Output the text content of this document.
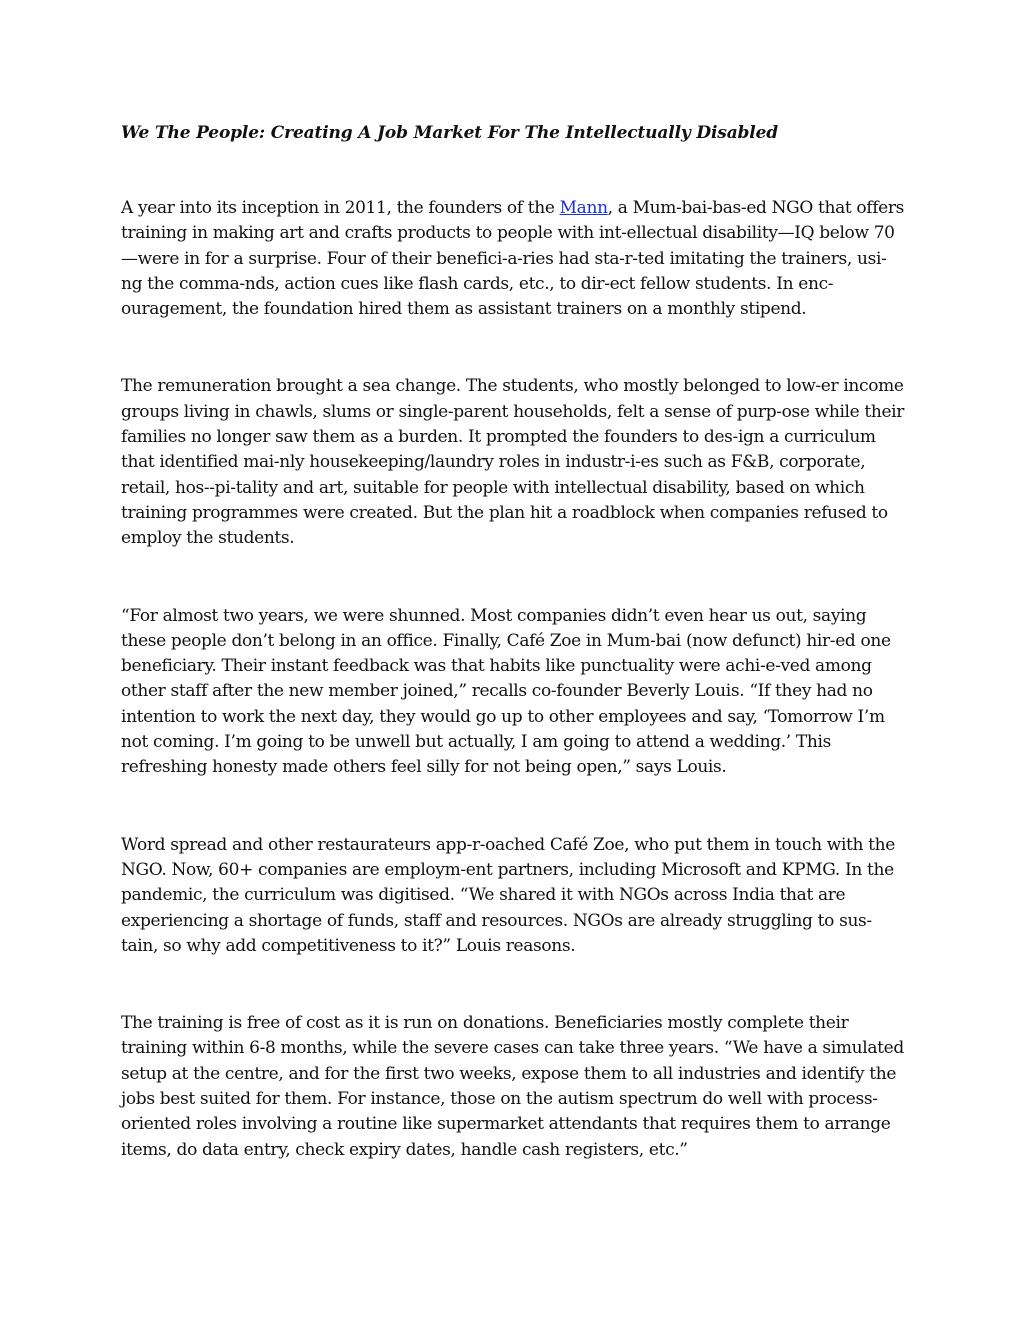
We The People: Creating A Job Market For The Intellectually Disabled

A year into its inception in 2011, the founders of the Mann, a Mum-bai-bas-ed NGO that offers training in making art and crafts products to people with int-ellectual disability—IQ below 70—were in for a surprise. Four of their benefici-a-ries had sta-r-ted imitating the trainers, usi-ng the comma-nds, action cues like flash cards, etc., to dir-ect fellow students. In enc-ouragement, the foundation hired them as assistant trainers on a monthly stipend.

The remuneration brought a sea change. The students, who mostly belonged to low-er income groups living in chawls, slums or single-parent households, felt a sense of purp-ose while their families no longer saw them as a burden. It prompted the founders to des-ign a curriculum that identified mai-nly housekeeping/laundry roles in industr-i-es such as F&B, corporate, retail, hos--pi-tality and art, suitable for people with intellectual disability, based on which training programmes were created. But the plan hit a roadblock when companies refused to employ the students.

“For almost two years, we were shunned. Most companies didn’t even hear us out, saying these people don’t belong in an office. Finally, Café Zoe in Mum-bai (now defunct) hir-ed one beneficiary. Their instant feedback was that habits like punctuality were achi-e-ved among other staff after the new member joined,” recalls co-founder Beverly Louis. “If they had no intention to work the next day, they would go up to other employees and say, ‘Tomorrow I’m not coming. I’m going to be unwell but actually, I am going to attend a wedding.’ This refreshing honesty made others feel silly for not being open,” says Louis.

Word spread and other restaurateurs app-r-oached Café Zoe, who put them in touch with the NGO. Now, 60+ companies are employm-ent partners, including Microsoft and KPMG. In the pandemic, the curriculum was digitised. “We shared it with NGOs across India that are experiencing a shortage of funds, staff and resources. NGOs are already struggling to sus-tain, so why add competitiveness to it?” Louis reasons.

The training is free of cost as it is run on donations. Beneficiaries mostly complete their training within 6-8 months, while the severe cases can take three years. “We have a simulated setup at the centre, and for the first two weeks, expose them to all industries and identify the jobs best suited for them. For instance, those on the autism spectrum do well with process-oriented roles involving a routine like supermarket attendants that requires them to arrange items, do data entry, check expiry dates, handle cash registers, etc.”
